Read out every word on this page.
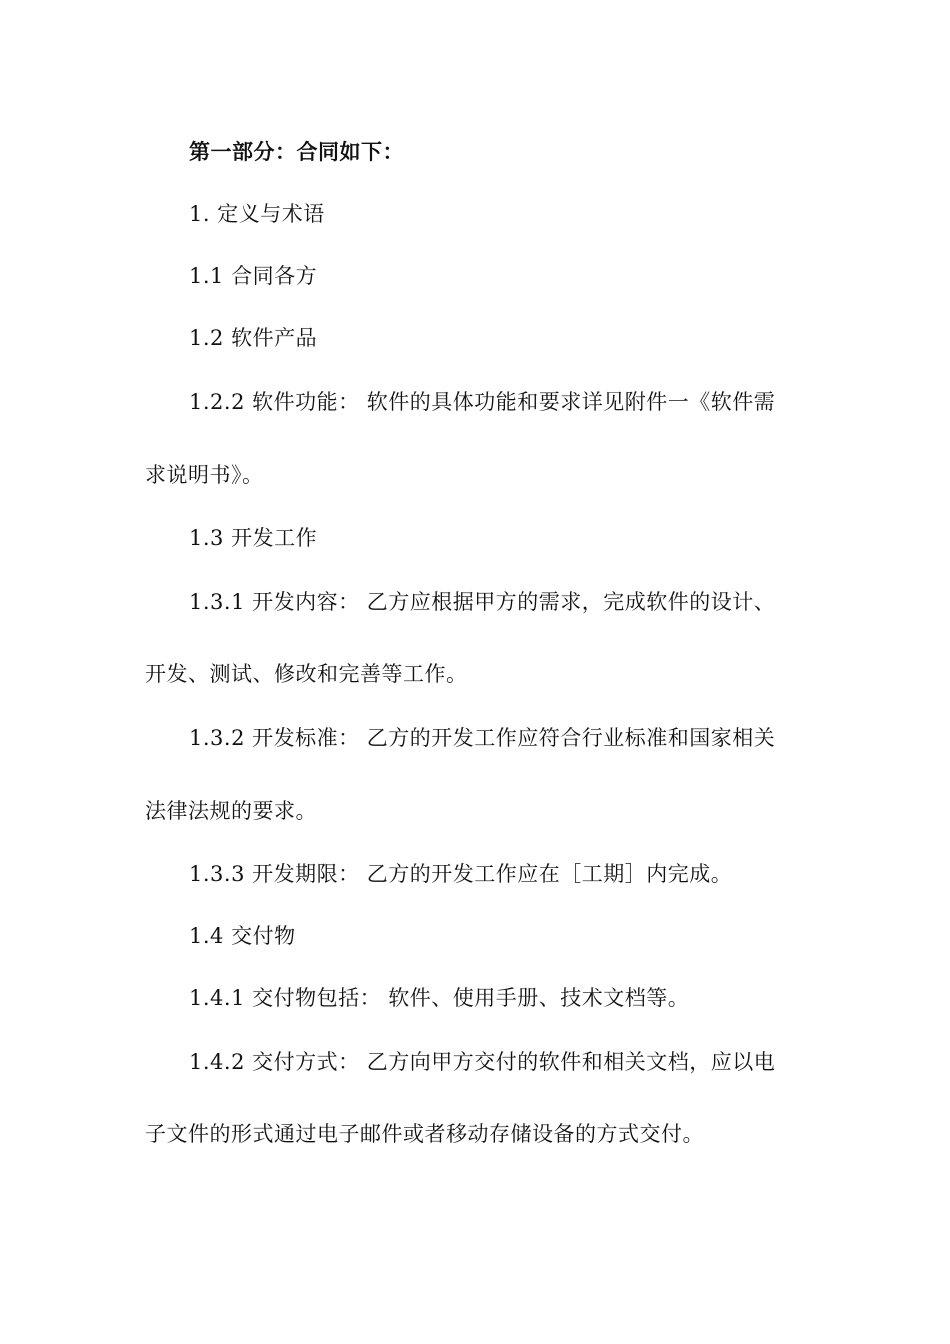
第一部分：合同如下：
1. 定义与术语
1.1 合同各方
1.2 软件产品
1.2.2 软件功能： 软件的具体功能和要求详见附件一《软件需
求说明书》。
1.3 开发工作
1.3.1 开发内容： 乙方应根据甲方的需求，完成软件的设计、
开发、测试、修改和完善等工作。
1.3.2 开发标准： 乙方的开发工作应符合行业标准和国家相关
法律法规的要求。
1.3.3 开发期限： 乙方的开发工作应在［工期］内完成。
1.4 交付物
1.4.1 交付物包括： 软件、使用手册、技术文档等。
1.4.2 交付方式： 乙方向甲方交付的软件和相关文档，应以电
子文件的形式通过电子邮件或者移动存储设备的方式交付。
